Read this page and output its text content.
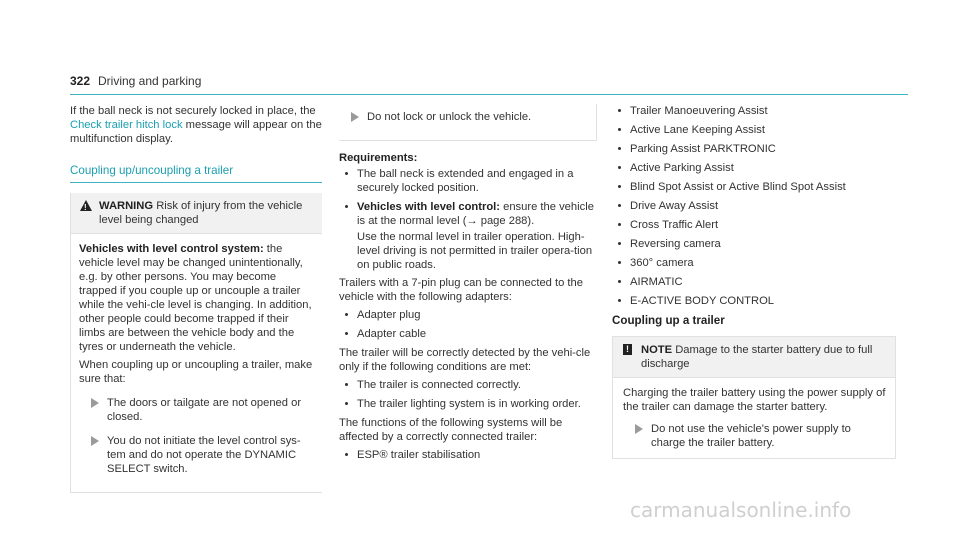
322 Driving and parking

If the ball neck is not securely locked in place, the Check trailer hitch lock message will appear on the multifunction display.

Coupling up/uncoupling a trailer
!
WARNING Risk of injury from the vehicle level being changed

Vehicles with level control system: the vehicle level may be changed unintentionally, e.g. by other persons. You may become trapped if you couple up or uncouple a trailer while the vehi-cle level is changing. In addition, other people could become trapped if their limbs are between the vehicle body and the tyres or underneath the vehicle.

When coupling up or uncoupling a trailer, make sure that:

The doors or tailgate are not opened or closed.
You do not initiate the level control sys-tem and do not operate the DYNAMIC SELECT switch.
Do not lock or unlock the vehicle.

Requirements:

The ball neck is extended and engaged in a securely locked position.
Vehicles with level control: ensure the vehicle is at the normal level (→ page 288).

Use the normal level in trailer operation. High-level driving is not permitted in trailer opera-tion on public roads.

Trailers with a 7-pin plug can be connected to the vehicle with the following adapters:

Adapter plug
Adapter cable

The trailer will be correctly detected by the vehi-cle only if the following conditions are met:

The trailer is connected correctly.
The trailer lighting system is in working order.

The functions of the following systems will be affected by a correctly connected trailer:

ESP® trailer stabilisation
Trailer Manoeuvering Assist
Active Lane Keeping Assist
Parking Assist PARKTRONIC
Active Parking Assist
Blind Spot Assist or Active Blind Spot Assist
Drive Away Assist
Cross Traffic Alert
Reversing camera
360° camera
AIRMATIC
E-ACTIVE BODY CONTROL
Coupling up a trailer
! NOTE Damage to the starter battery due to full discharge

Charging the trailer battery using the power supply of the trailer can damage the starter battery.

Do not use the vehicle's power supply to charge the trailer battery.
carmanualsonline.info
